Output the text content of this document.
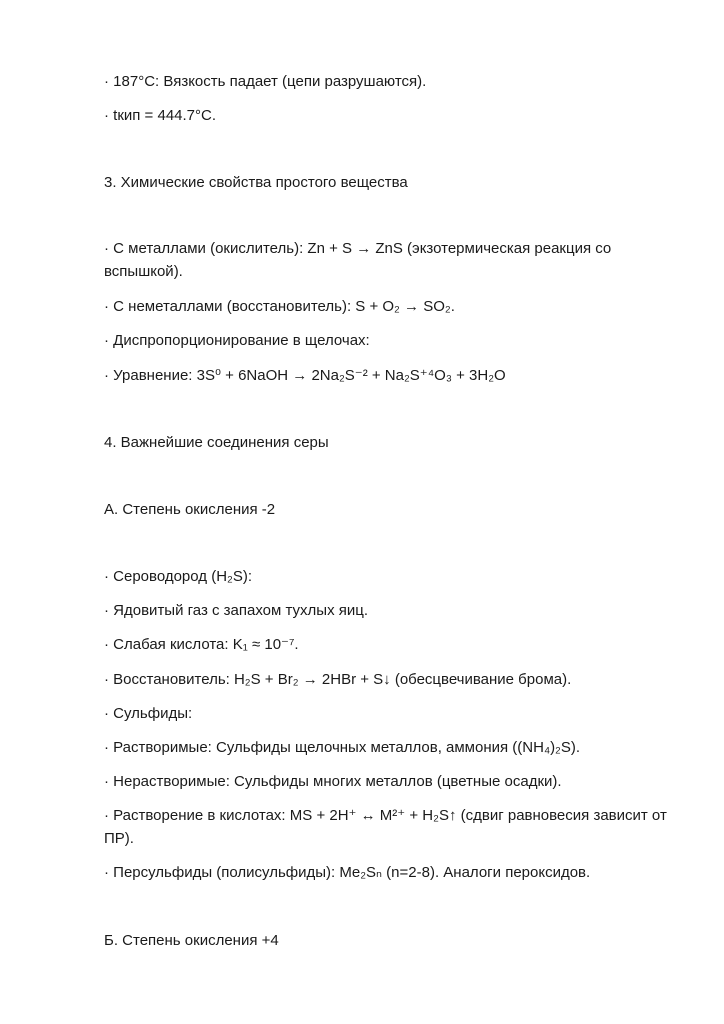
· 187°C: Вязкость падает (цепи разрушаются).
· tкип = 444.7°C.
3. Химические свойства простого вещества
· С металлами (окислитель): Zn + S → ZnS (экзотермическая реакция со вспышкой).
· С неметаллами (восстановитель): S + O₂ → SO₂.
· Диспропорционирование в щелочах:
· Уравнение: 3S⁰ + 6NaOH → 2Na₂S⁻² + Na₂S⁺⁴O₃ + 3H₂O
4. Важнейшие соединения серы
А. Степень окисления -2
· Сероводород (H₂S):
· Ядовитый газ с запахом тухлых яиц.
· Слабая кислота: K₁ ≈ 10⁻⁷.
· Восстановитель: H₂S + Br₂ → 2HBr + S↓ (обесцвечивание брома).
· Сульфиды:
· Растворимые: Сульфиды щелочных металлов, аммония ((NH₄)₂S).
· Нерастворимые: Сульфиды многих металлов (цветные осадки).
· Растворение в кислотах: MS + 2H⁺ ↔ M²⁺ + H₂S↑ (сдвиг равновесия зависит от ПР).
· Персульфиды (полисульфиды): Me₂Sₙ (n=2-8). Аналоги пероксидов.
Б. Степень окисления +4
